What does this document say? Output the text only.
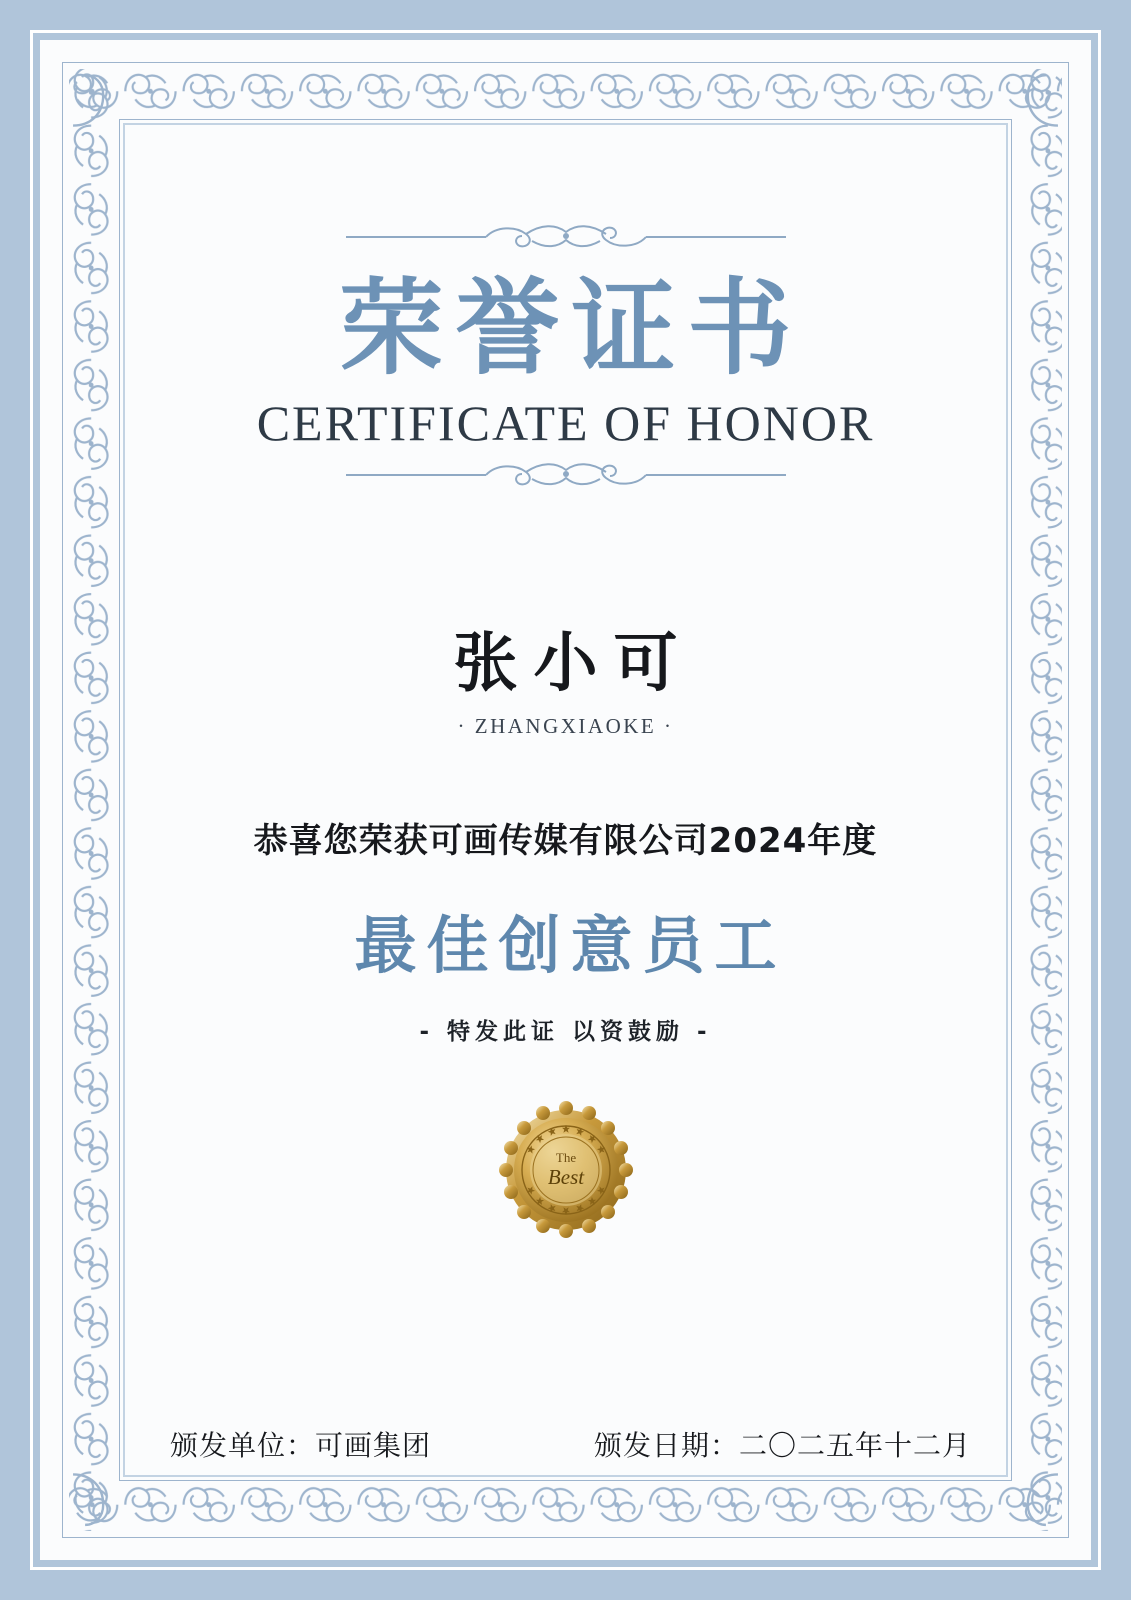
荣誉证书
CERTIFICATE OF HONOR
张小可
· ZHANGXIAOKE ·
恭喜您荣获可画传媒有限公司2024年度
最佳创意员工
- 特发此证 以资鼓励 -
The
Best
颁发单位：可画集团	颁发日期：二〇二五年十二月
